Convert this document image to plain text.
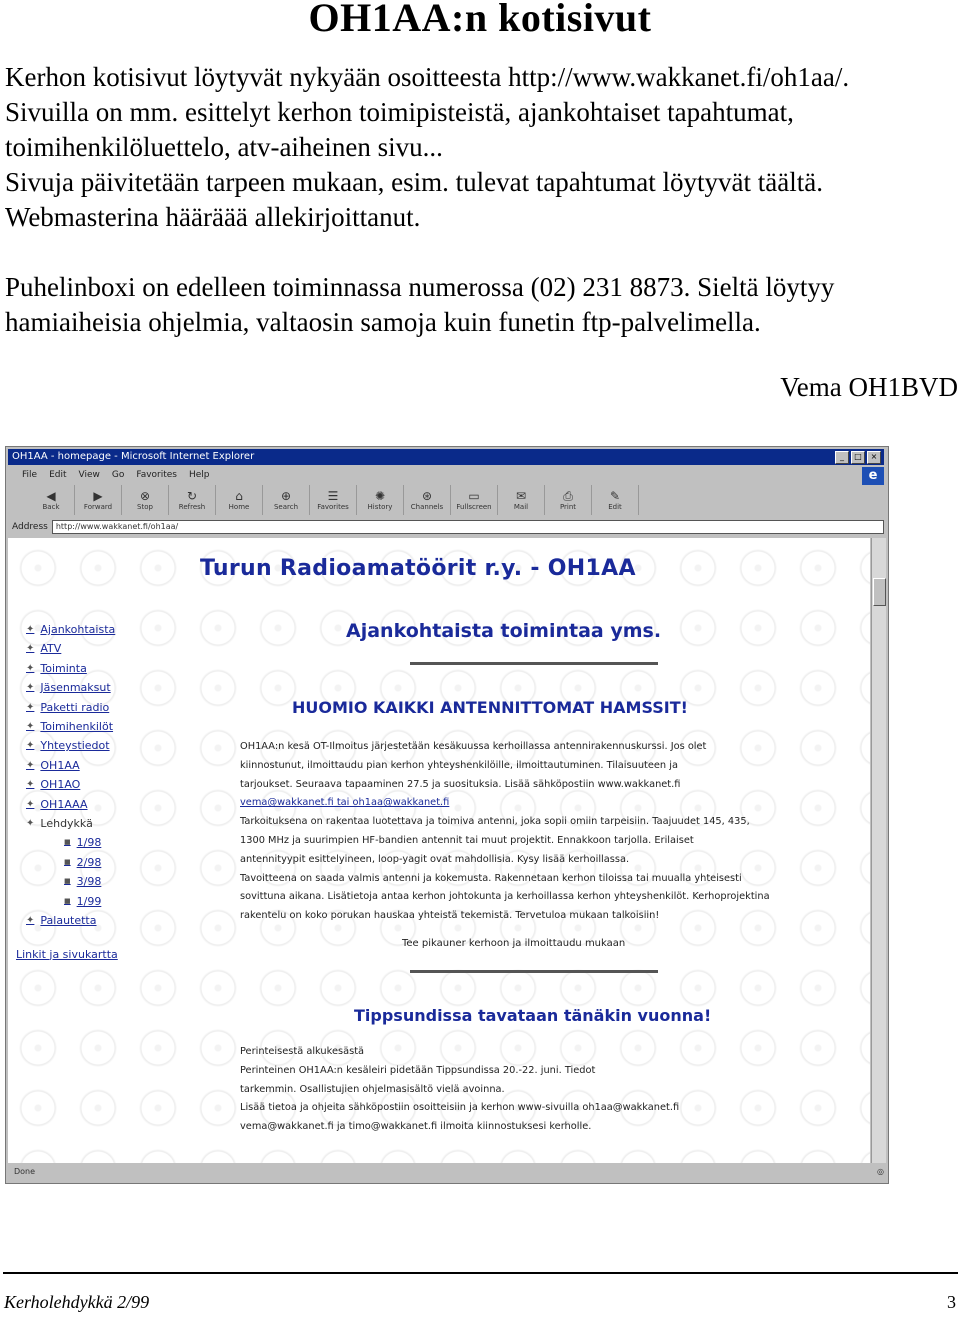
OH1AA:n kotisivut

Kerhon kotisivut löytyvät nykyään osoitteesta http://www.wakkanet.fi/oh1aa/.

Sivuilla on mm. esittelyt kerhon toimipisteistä, ajankohtaiset tapahtumat,

toimihenkilöluettelo, atv-aiheinen sivu...

Sivuja päivitetään tarpeen mukaan, esim. tulevat tapahtumat löytyvät täältä.

Webmasterina hääräää allekirjoittanut.

Puhelinboxi on edelleen toiminnassa numerossa (02) 231 8873. Sieltä löytyy

hamiaiheisia ohjelmia, valtaosin samoja kuin funetin ftp-palvelimella.

Vema OH1BVD
OH1AA - homepage - Microsoft Internet Explorer	_	□	×
File Edit View Go Favorites Help	e
◀
Back
▶
Forward
⊗
Stop
↻
Refresh
⌂
Home
⊕
Search
☰
Favorites
✺
History
⊛
Channels
▭
Fullscreen
✉
Mail
⎙
Print
✎
Edit
Address	http://www.wakkanet.fi/oh1aa/
Turun Radioamatöörit r.y. - OH1AA
✦ Ajankohtaista
✦ ATV
✦ Toiminta
✦ Jäsenmaksut
✦ Paketti radio
✦ Toimihenkilöt
✦ Yhteystiedot
✦ OH1AA
✦ OH1AO
✦ OH1AAA
✦ Lehdykkä
■ 1/98
■ 2/98
■ 3/98
■ 1/99
✦ Palautetta
Linkit ja sivukartta
Ajankohtaista toimintaa yms.
HUOMIO KAIKKI ANTENNITTOMAT HAMSSIT!
OH1AA:n kesä OT-Ilmoitus järjestetään kesäkuussa kerhoillassa antennirakennuskurssi. Jos olet
kiinnostunut, ilmoittaudu pian kerhon yhteyshenkilöille, ilmoittautuminen. Tilaisuuteen ja
tarjoukset. Seuraava tapaaminen 27.5 ja suosituksia. Lisää sähköpostiin www.wakkanet.fi
vema@wakkanet.fi tai oh1aa@wakkanet.fi
Tarkoituksena on rakentaa luotettava ja toimiva antenni, joka sopii omiin tarpeisiin. Taajuudet 145, 435,
1300 MHz ja suurimpien HF-bandien antennit tai muut projektit. Ennakkoon tarjolla. Erilaiset
antennityypit esittelyineen, loop-yagit ovat mahdollisia. Kysy lisää kerhoillassa.
Tavoitteena on saada valmis antenni ja kokemusta. Rakennetaan kerhon tiloissa tai muualla yhteisesti
sovittuna aikana. Lisätietoja antaa kerhon johtokunta ja kerhoillassa kerhon yhteyshenkilöt. Kerhoprojektina
rakentelu on koko porukan hauskaa yhteistä tekemistä. Tervetuloa mukaan talkoisiin!
Tee pikauner kerhoon ja ilmoittaudu mukaan
Tippsundissa tavataan tänäkin vuonna!
Perinteisestä alkukesästä
Perinteinen OH1AA:n kesäleiri pidetään Tippsundissa 20.-22. juni. Tiedot
tarkemmin. Osallistujien ohjelmasisältö vielä avoinna.
Lisää tietoa ja ohjeita sähköpostiin osoitteisiin ja kerhon www-sivuilla oh1aa@wakkanet.fi
vema@wakkanet.fi ja timo@wakkanet.fi ilmoita kiinnostuksesi kerholle.
Done	◎
Kerholehdykkä 2/99	3
